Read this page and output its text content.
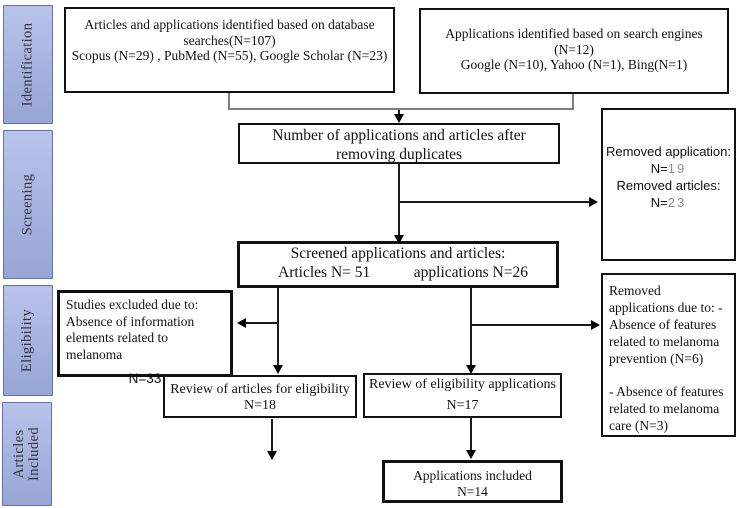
Identification
Screening
Eligibility
Articles Included
Articles and applications identified based on database
searches(N=107)
Scopus (N=29) , PubMed (N=55), Google Scholar (N=23)
Applications identified based on search engines
(N=12)
Google (N=10), Yahoo (N=1), Bing(N=1)
Number of applications and articles after
removing duplicates	Removed application:
N=19
Removed articles:
N=23
Screened applications and articles:
Articles N= 51	applications N=26
Studies excluded due to:
Absence of information
elements related to melanoma
N=33
Removed applications due to: -Absence of features related to melanoma prevention (N=6)
- Absence of features related to melanoma care (N=3)
Review of articles for eligibility
N=18
Review of eligibility applications
N=17
Applications included
N=14
